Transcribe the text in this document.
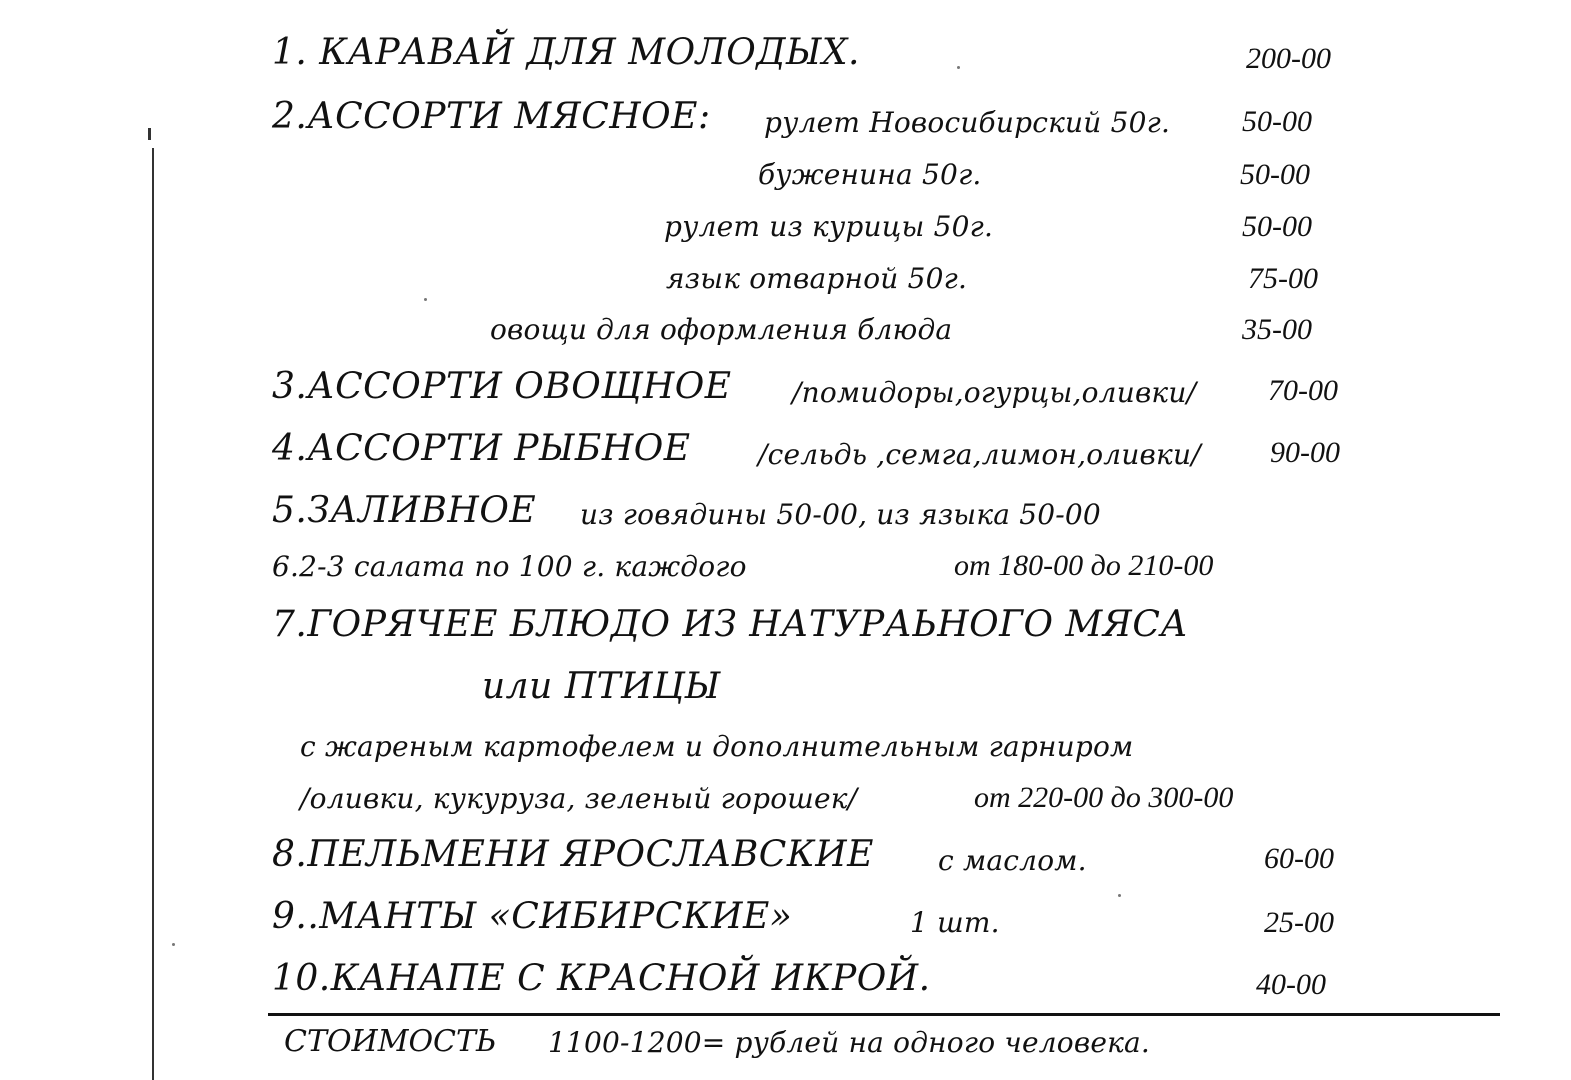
1. КАРАВАЙ ДЛЯ МОЛОДЫХ.	200-00
2.АССОРТИ МЯСНОЕ: рулет Новосибирский 50г. 50-00
буженина 50г.	50-00
рулет из курицы 50г.	50-00
язык отварной 50г.	75-00
овощи для оформления блюда	35-00
3.АССОРТИ ОВОЩНОЕ /помидоры,огурцы,оливки/ 70-00
4.АССОРТИ РЫБНОЕ /сельдь ,семга,лимон,оливки/ 90-00
5.ЗАЛИВНОЕ из говядины 50-00, из языка 50-00
6.2-3 салата по 100 г. каждого	от 180-00 до 210-00
7.ГОРЯЧЕЕ БЛЮДО ИЗ НАТУРАЬНОГО МЯСА
или ПТИЦЫ
с жареным картофелем и дополнительным гарниром
/оливки, кукуруза, зеленый горошек/	от 220-00 до 300-00
8.ПЕЛЬМЕНИ ЯРОСЛАВСКИЕ с маслом.	60-00
9..МАНТЫ «СИБИРСКИЕ»	1 шт.	25-00
10.КАНАПЕ С КРАСНОЙ ИКРОЙ.	40-00
СТОИМОСТЬ 1100-1200= рублей на одного человека.
